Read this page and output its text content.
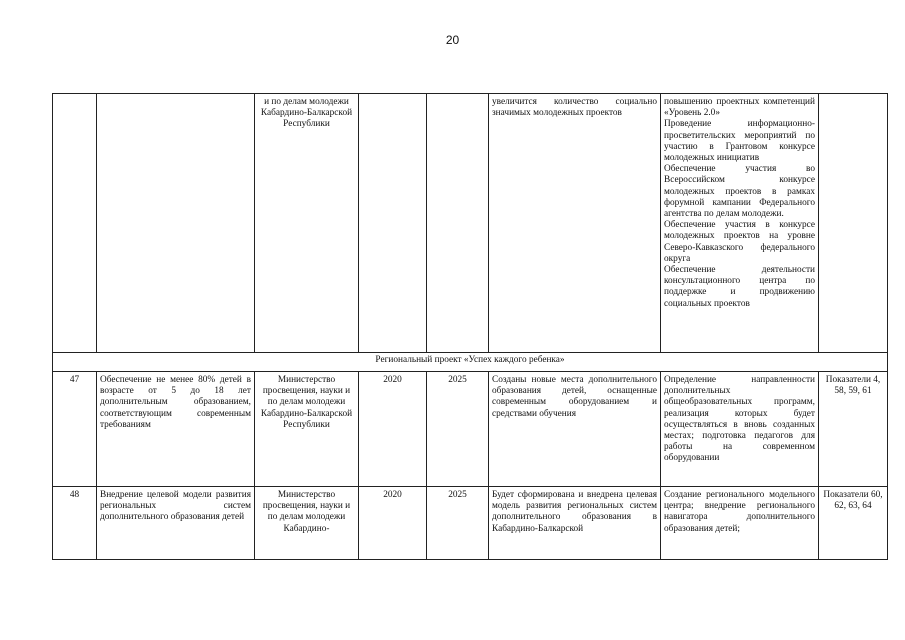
20
		и по делам молодежи Кабардино-Балкарской Республики			увеличится количество социально значимых молодежных проектов	повышению проектных компетенций «Уровень 2.0»
Проведение информационно-просветительских мероприятий по участию в Грантовом конкурсе молодежных инициатив
Обеспечение участия во Всероссийском конкурсе молодежных проектов в рамках форумной кампании Федерального агентства по делам молодежи.
Обеспечение участия в конкурсе молодежных проектов на уровне Северо-Кавказского федерального округа
Обеспечение деятельности консультационного центра по поддержке и продвижению социальных проектов	

Региональный проект «Успех каждого ребенка»							
47	Обеспечение не менее 80% детей в возрасте от 5 до 18 лет дополнительным образованием, соответствующим современным требованиям	Министерство просвещения, науки и по делам молодежи Кабардино-Балкарской Республики	2020	2025	Созданы новые места дополнительного образования детей, оснащенные современным оборудованием и средствами обучения	Определение направленности дополнительных общеобразовательных программ, реализация которых будет осуществляться в вновь созданных местах; подготовка педагогов для работы на современном оборудовании	Показатели 4, 58, 59, 61
48	Внедрение целевой модели развития региональных систем дополнительного образования детей	Министерство просвещения, науки и по делам молодежи Кабардино-	2020	2025	Будет сформирована и внедрена целевая модель развития региональных систем дополнительного образования в Кабардино-Балкарской	Создание регионального модельного центра; внедрение регионального навигатора дополнительного образования детей;	Показатели 60, 62, 63, 64
